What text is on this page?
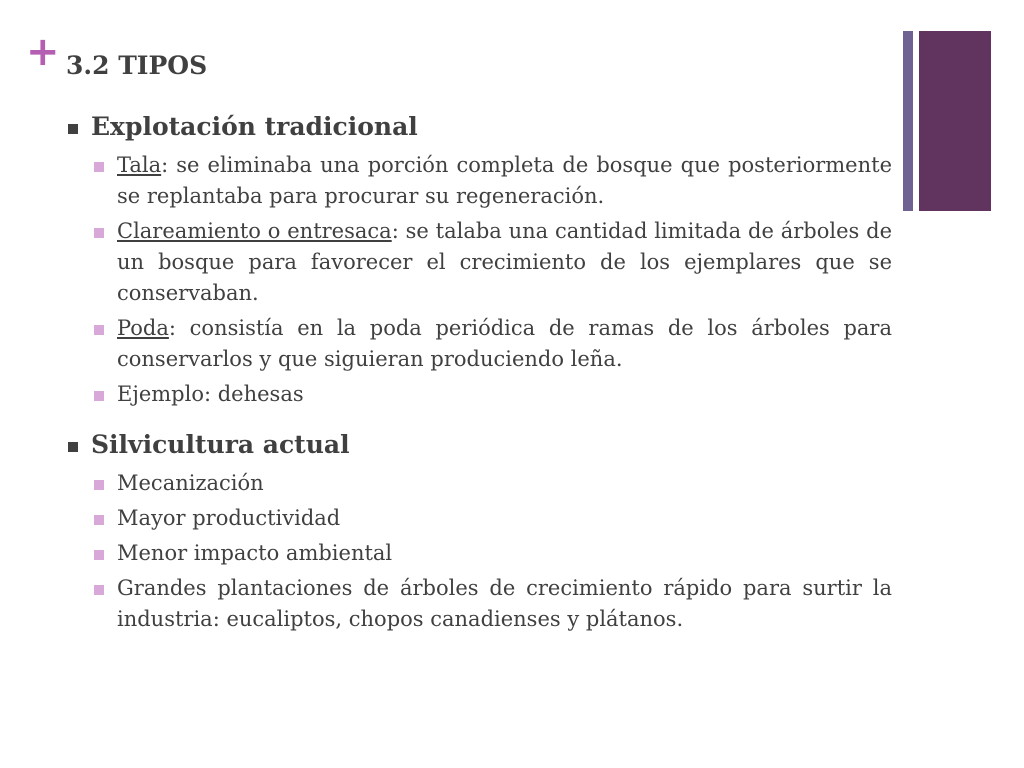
+ 3.2 TIPOS
Explotación tradicional
Tala: se eliminaba una porción completa de bosque que posteriormente se replantaba para procurar su regeneración.
Clareamiento o entresaca: se talaba una cantidad limitada de árboles de un bosque para favorecer el crecimiento de los ejemplares que se conservaban.
Poda: consistía en la poda periódica de ramas de los árboles para conservarlos y que siguieran produciendo leña.
Ejemplo: dehesas
Silvicultura actual
Mecanización
Mayor productividad
Menor impacto ambiental
Grandes plantaciones de árboles de crecimiento rápido para surtir la industria: eucaliptos, chopos canadienses y plátanos.
